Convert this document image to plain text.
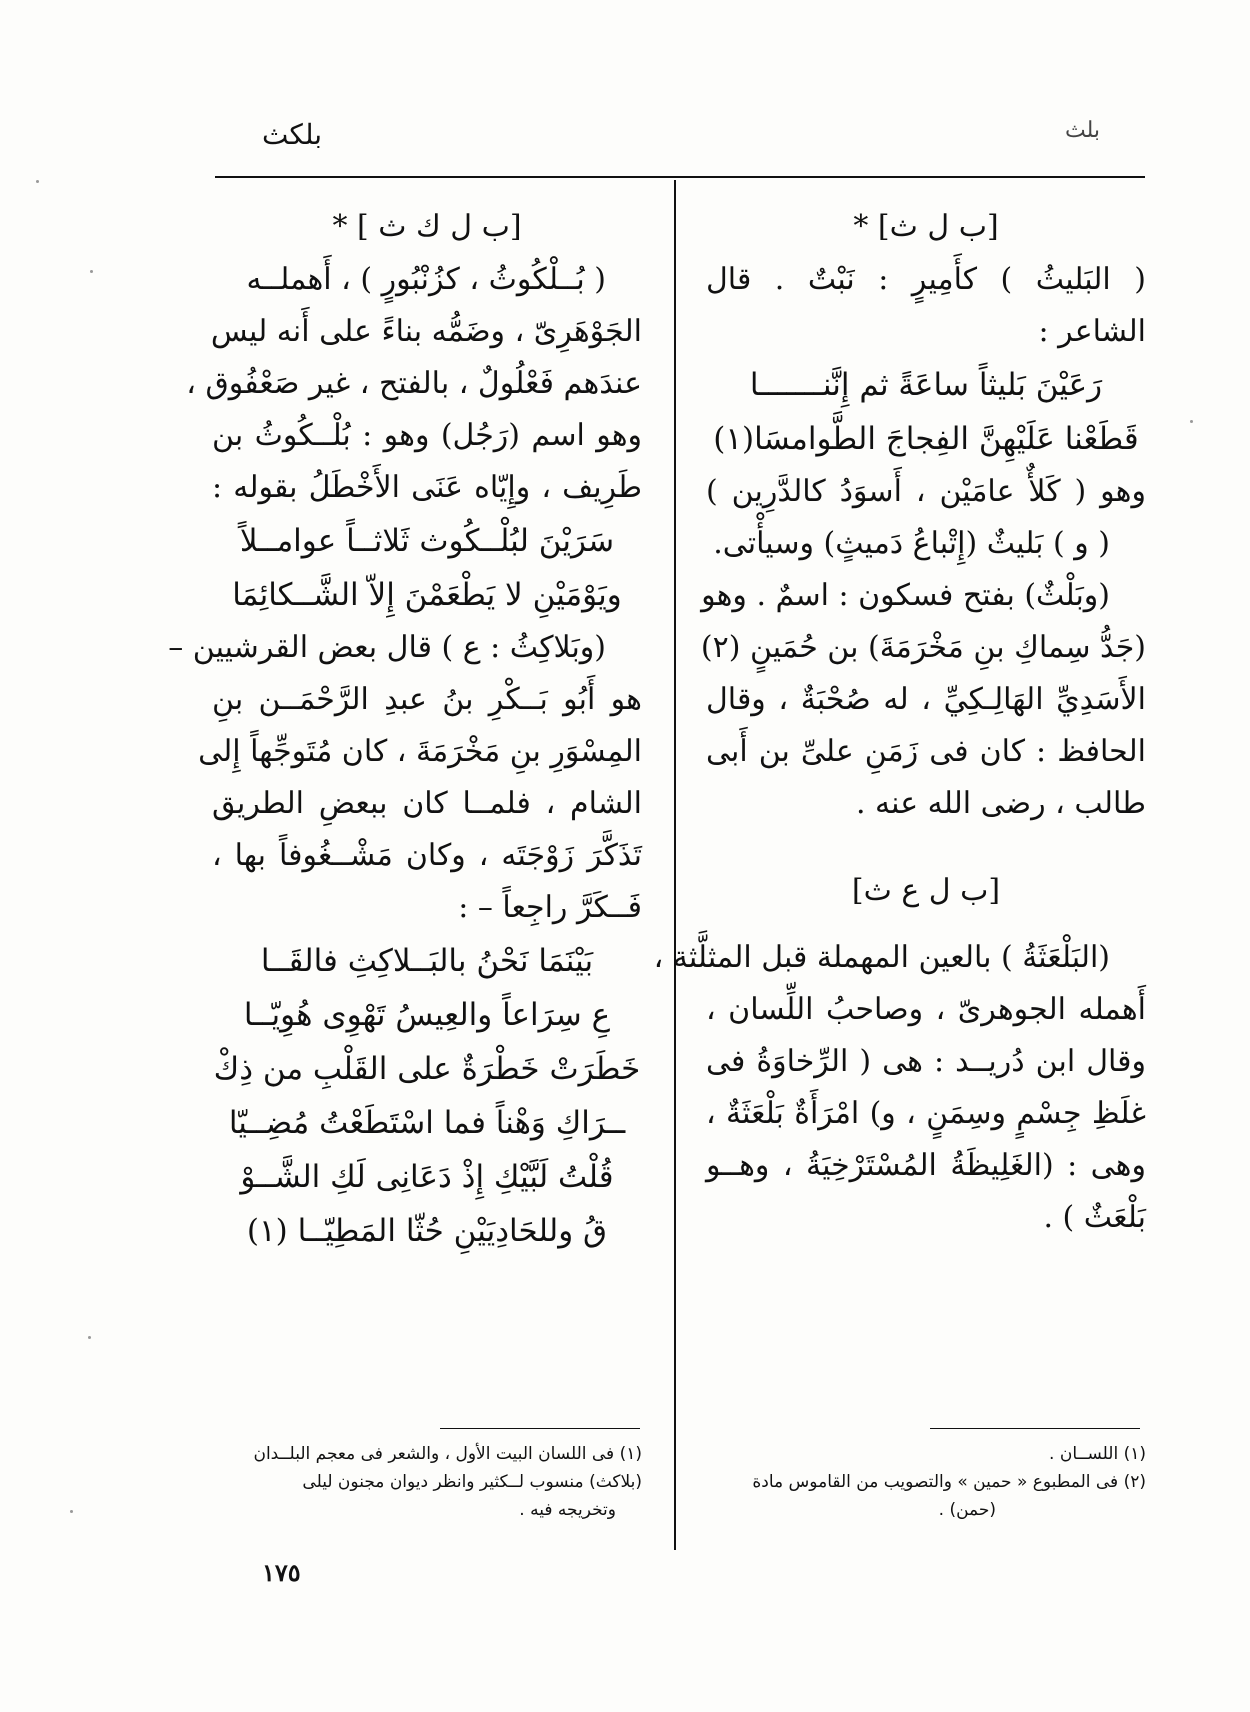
بلكث	بلث
[ب ل ث] *
( البَليثُ ) كأَمِيرٍ : نَبْتٌ . قال
الشاعر :
رَعَيْنَ بَليثاً ساعَةً ثم إِنَّنـــــــا
قَطَعْنا عَلَيْهِنَّ الفِجاجَ الطَّوامسَا(١)
وهو ( كَلأٌ عامَيْن ، أَسوَدُ كالدَّرِين )
( و ) بَليثٌ (إِتْباعُ دَميثٍ) وسيأْتى.
(وبَلْثٌ) بفتح فسكون : اسمٌ . وهو
(جَدُّ سِماكِ بنِ مَخْرَمَةَ) بن حُمَينٍ (٢)
الأَسَدِيِّ الهَالِـكِيِّ ، له صُحْبَةٌ ، وقال
الحافظ : كان فى زَمَنِ علىِّ بن أَبى
طالب ، رضى الله عنه .
[ب ل ع ث]
(البَلْعَثَةُ ) بالعين المهملة قبل المثلَّثة ،
أَهمله الجوهرىّ ، وصاحبُ اللِّسان ،
وقال ابن دُريــد : هى ( الرِّخاوَةُ فى
غلَظِ جِسْمٍ وسِمَنٍ ، و) امْرَأَةٌ بَلْعَثَةٌ ،
وهى : (الغَلِيظَةُ المُسْتَرْخِيَةُ ، وهــو
بَلْعَثٌ ) .
[ب ل ك ث ] *
( بُــلْكُوثُ ، كزُنْبُورٍ ) ، أَهملــه
الجَوْهَرِىّ ، وضَمُّه بناءً على أَنه ليس
عندَهم فَعْلُولٌ ، بالفتح ، غير صَعْفُوق ،
وهو اسم (رَجُل) وهو : بُلْــكُوثُ بن
طَرِيف ، وإِيّاه عَنَى الأَخْطَلُ بقوله :
سَرَيْنَ لبُلْــكُوث ثَلاثــاً عوامــلاً
ويَوْمَيْنِ لا يَطْعَمْنَ إِلاّ الشَّــكائِمَا
(وبَلاكِثُ : ع ) قال بعض القرشيين –
هو أَبُو بَــكْرِ بنُ عبدِ الرَّحْمَــن بنِ
المِسْوَرِ بنِ مَخْرَمَةَ ، كان مُتَوجِّهاً إِلى
الشام ، فلمــا كان ببعضِ الطريق
تَذَكَّرَ زَوْجَتَه ، وكان مَشْــغُوفاً بها ،
فَــكَرَّ راجِعاً – :
بَيْنَمَا نَحْنُ بالبَــلاكِثِ فالقَــا
عِ سِرَاعاً والعِيسُ تَهْوِى هُوِيّــا
خَطَرَتْ خَطْرَةٌ على القَلْبِ من ذِكْ
ــرَاكِ وَهْناً فما اسْتَطَعْتُ مُضِــيّا
قُلْتُ لَبَّيْكِ إِذْ دَعَانِى لَكِ الشَّــوْ
قُ وللحَادِيَيْنِ حُثّا المَطِيّــا (١)
(١) فى اللسان البيت الأول ، والشعر فى معجم البلــدان
(بلاكث) منسوب لــكثير وانظر ديوان مجنون ليلى
وتخريجه فيه .
(١) اللســان .
(٢) فى المطبوع « حمين » والتصويب من القاموس مادة
(حمن) .
١٧٥
